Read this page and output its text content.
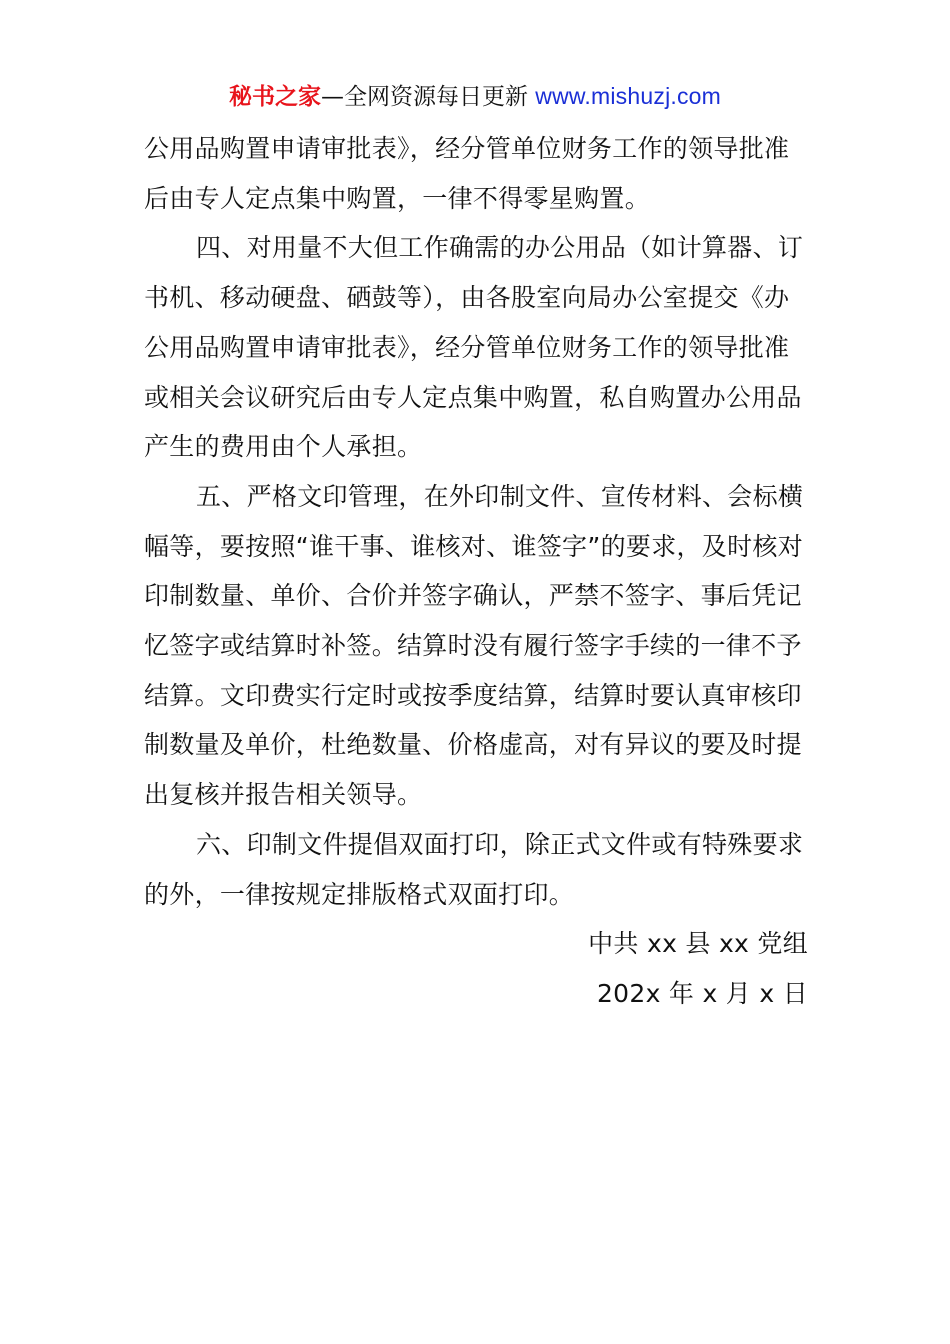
秘书之家—全网资源每日更新 www.mishuzj.com

公用品购置申请审批表》，经分管单位财务工作的领导批准后由专人定点集中购置，一律不得零星购置。

四、对用量不大但工作确需的办公用品（如计算器、订书机、移动硬盘、硒鼓等），由各股室向局办公室提交《办公用品购置申请审批表》，经分管单位财务工作的领导批准或相关会议研究后由专人定点集中购置，私自购置办公用品产生的费用由个人承担。

五、严格文印管理，在外印制文件、宣传材料、会标横幅等，要按照“谁干事、谁核对、谁签字”的要求，及时核对印制数量、单价、合价并签字确认，严禁不签字、事后凭记忆签字或结算时补签。结算时没有履行签字手续的一律不予结算。文印费实行定时或按季度结算，结算时要认真审核印制数量及单价，杜绝数量、价格虚高，对有异议的要及时提出复核并报告相关领导。

六、印制文件提倡双面打印，除正式文件或有特殊要求的外，一律按规定排版格式双面打印。

中共 xx 县 xx 党组

202x 年 x 月 x 日
